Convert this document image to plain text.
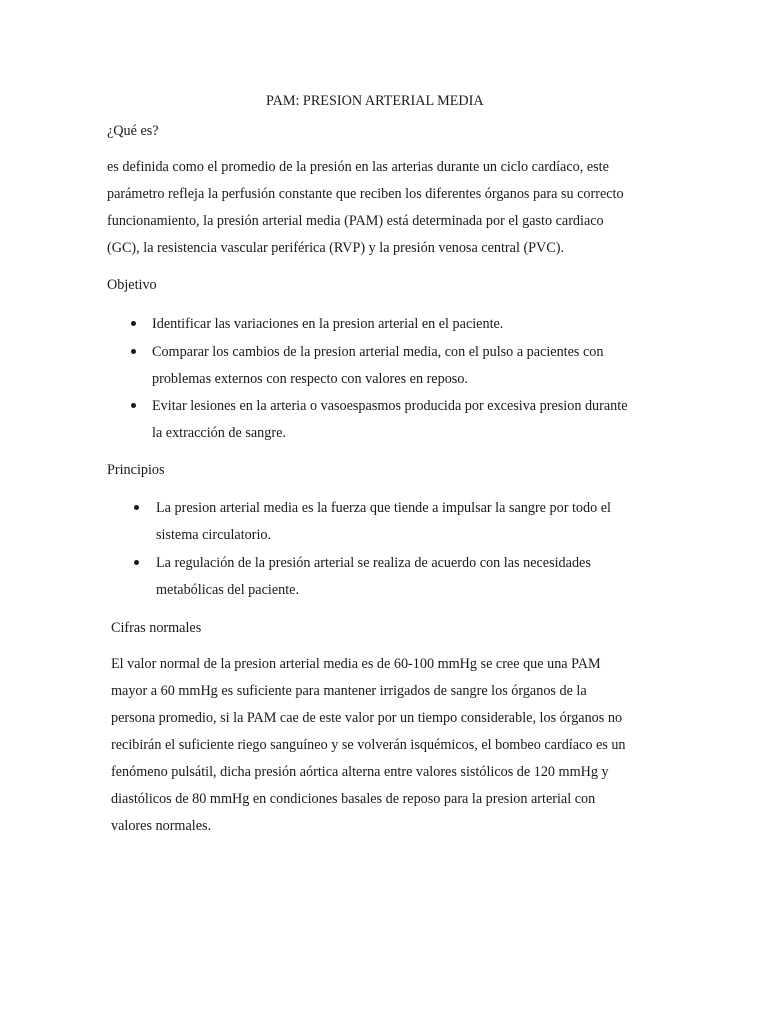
PAM: PRESION ARTERIAL MEDIA
¿Qué es?
es definida como el promedio de la presión en las arterias durante un ciclo cardíaco, este
parámetro refleja la perfusión constante que reciben los diferentes órganos para su correcto
funcionamiento, la presión arterial media (PAM) está determinada por el gasto cardiaco
(GC), la resistencia vascular periférica (RVP) y la presión venosa central (PVC).
Objetivo
Identificar las variaciones en la presion arterial en el paciente.
Comparar los cambios de la presion arterial media, con el pulso a pacientes con
problemas externos con respecto con valores en reposo.
Evitar lesiones en la arteria o vasoespasmos producida por excesiva presion durante
la extracción de sangre.
Principios
La presion arterial media es la fuerza que tiende a impulsar la sangre por todo el
sistema circulatorio.
La regulación de la presión arterial se realiza de acuerdo con las necesidades
metabólicas del paciente.
Cifras normales
El valor normal de la presion arterial media es de 60-100 mmHg se cree que una PAM
mayor a 60 mmHg es suficiente para mantener irrigados de sangre los órganos de la
persona promedio, si la PAM cae de este valor por un tiempo considerable, los órganos no
recibirán el suficiente riego sanguíneo y se volverán isquémicos, el bombeo cardíaco es un
fenómeno pulsátil, dicha presión aórtica alterna entre valores sistólicos de 120 mmHg y
diastólicos de 80 mmHg en condiciones basales de reposo para la presion arterial con
valores normales.
